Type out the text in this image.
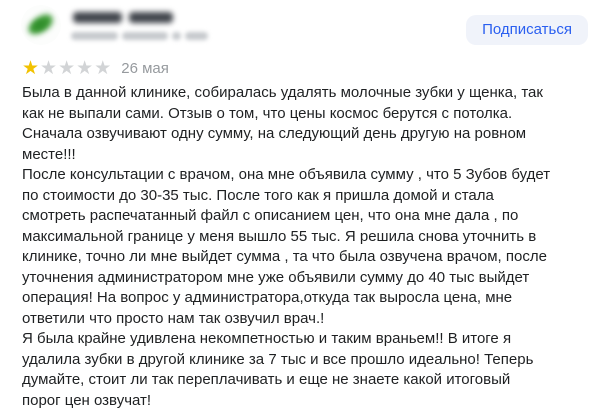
Подписаться
★ ★ ★ ★ ★ 26 мая
Была в данной клинике, собиралась удалять молочные зубки у щенка, так
как не выпали сами. Отзыв о том, что цены космос берутся с потолка.
Сначала озвучивают одну сумму, на следующий день другую на ровном
месте!!!
После консультации с врачом, она мне объявила сумму , что 5 Зубов будет
по стоимости до 30-35 тыс. После того как я пришла домой и стала
смотреть распечатанный файл с описанием цен, что она мне дала , по
максимальной границе у меня вышло 55 тыс. Я решила снова уточнить в
клинике, точно ли мне выйдет сумма , та что была озвучена врачом, после
уточнения администратором мне уже объявили сумму до 40 тыс выйдет
операция! На вопрос у администратора,откуда так выросла цена, мне
ответили что просто нам так озвучил врач.!
Я была крайне удивлена некомпетностью и таким враньем!! В итоге я
удалила зубки в другой клинике за 7 тыс и все прошло идеально! Теперь
думайте, стоит ли так переплачивать и еще не знаете какой итоговый
порог цен озвучат!
